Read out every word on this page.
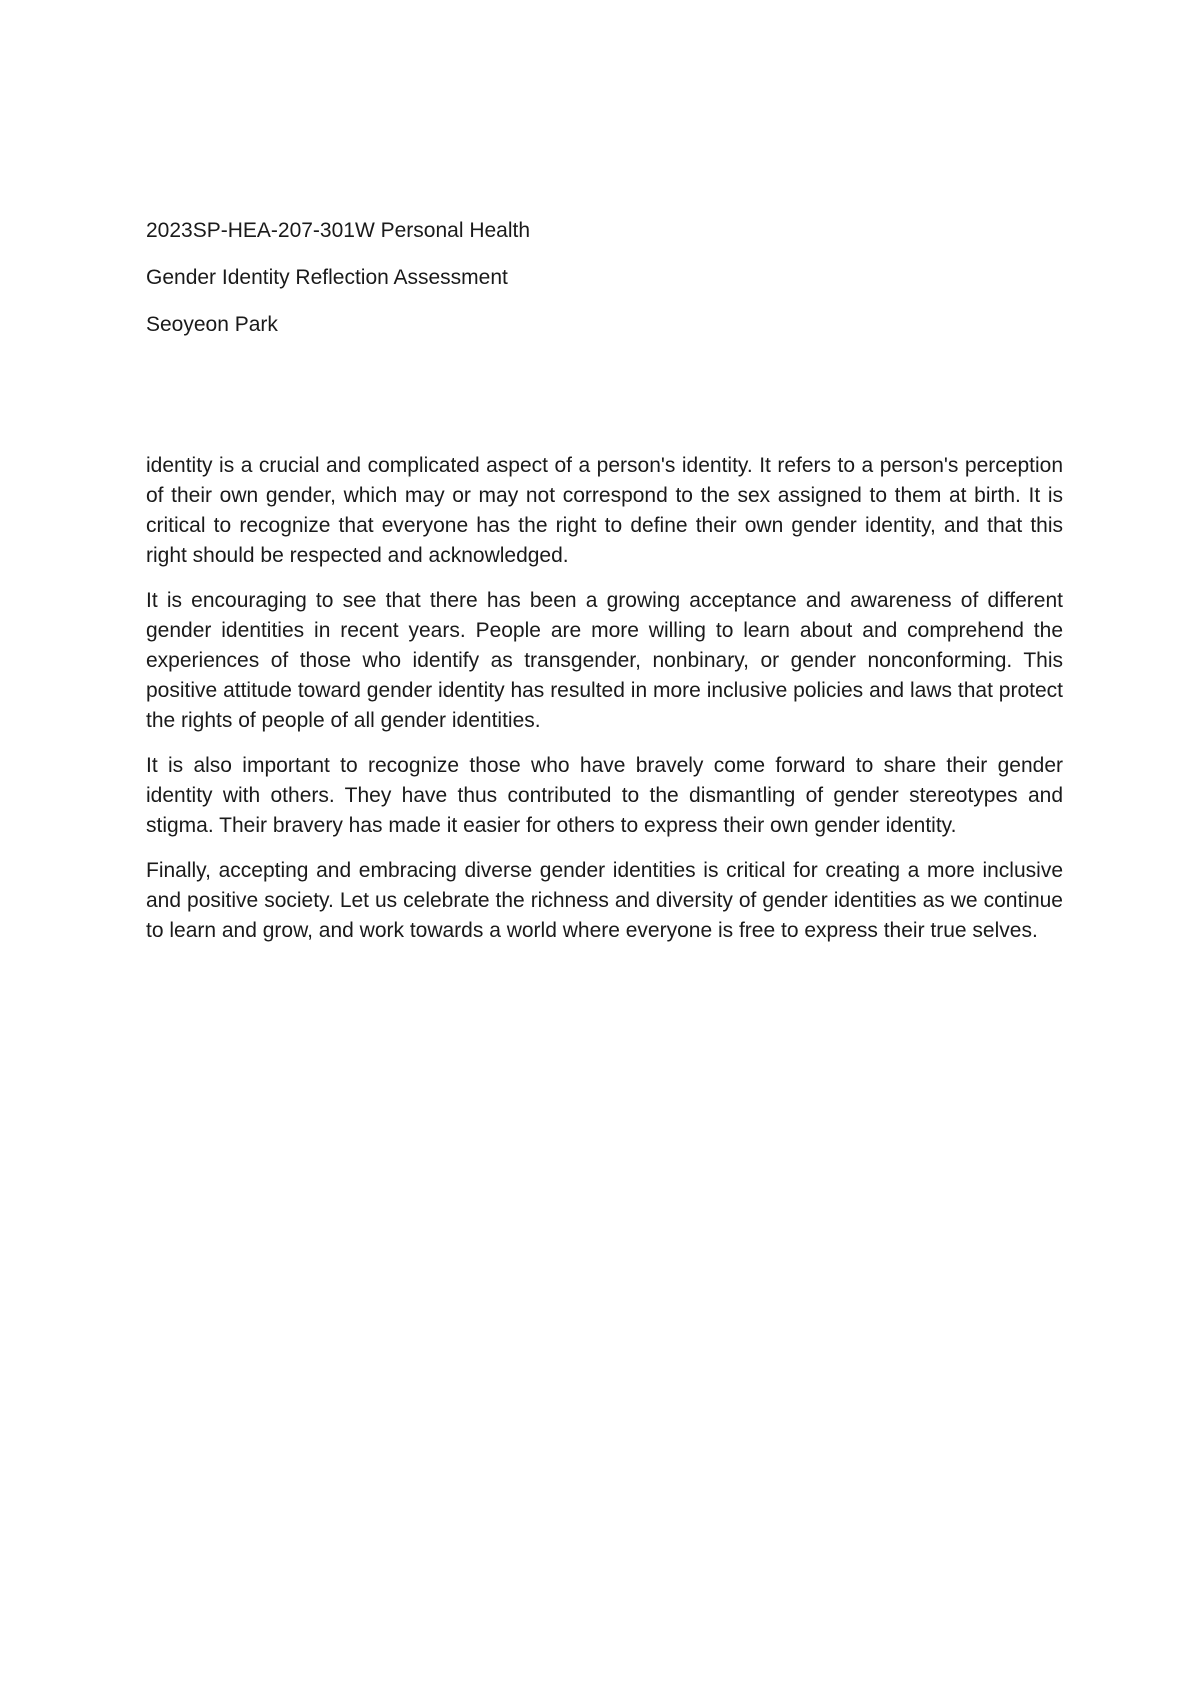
2023SP-HEA-207-301W Personal Health

Gender Identity Reflection Assessment

Seoyeon Park

identity is a crucial and complicated aspect of a person's identity. It refers to a person's perception of their own gender, which may or may not correspond to the sex assigned to them at birth. It is critical to recognize that everyone has the right to define their own gender identity, and that this right should be respected and acknowledged.

It is encouraging to see that there has been a growing acceptance and awareness of different gender identities in recent years. People are more willing to learn about and comprehend the experiences of those who identify as transgender, nonbinary, or gender nonconforming. This positive attitude toward gender identity has resulted in more inclusive policies and laws that protect the rights of people of all gender identities.

It is also important to recognize those who have bravely come forward to share their gender identity with others. They have thus contributed to the dismantling of gender stereotypes and stigma. Their bravery has made it easier for others to express their own gender identity.

Finally, accepting and embracing diverse gender identities is critical for creating a more inclusive and positive society. Let us celebrate the richness and diversity of gender identities as we continue to learn and grow, and work towards a world where everyone is free to express their true selves.
